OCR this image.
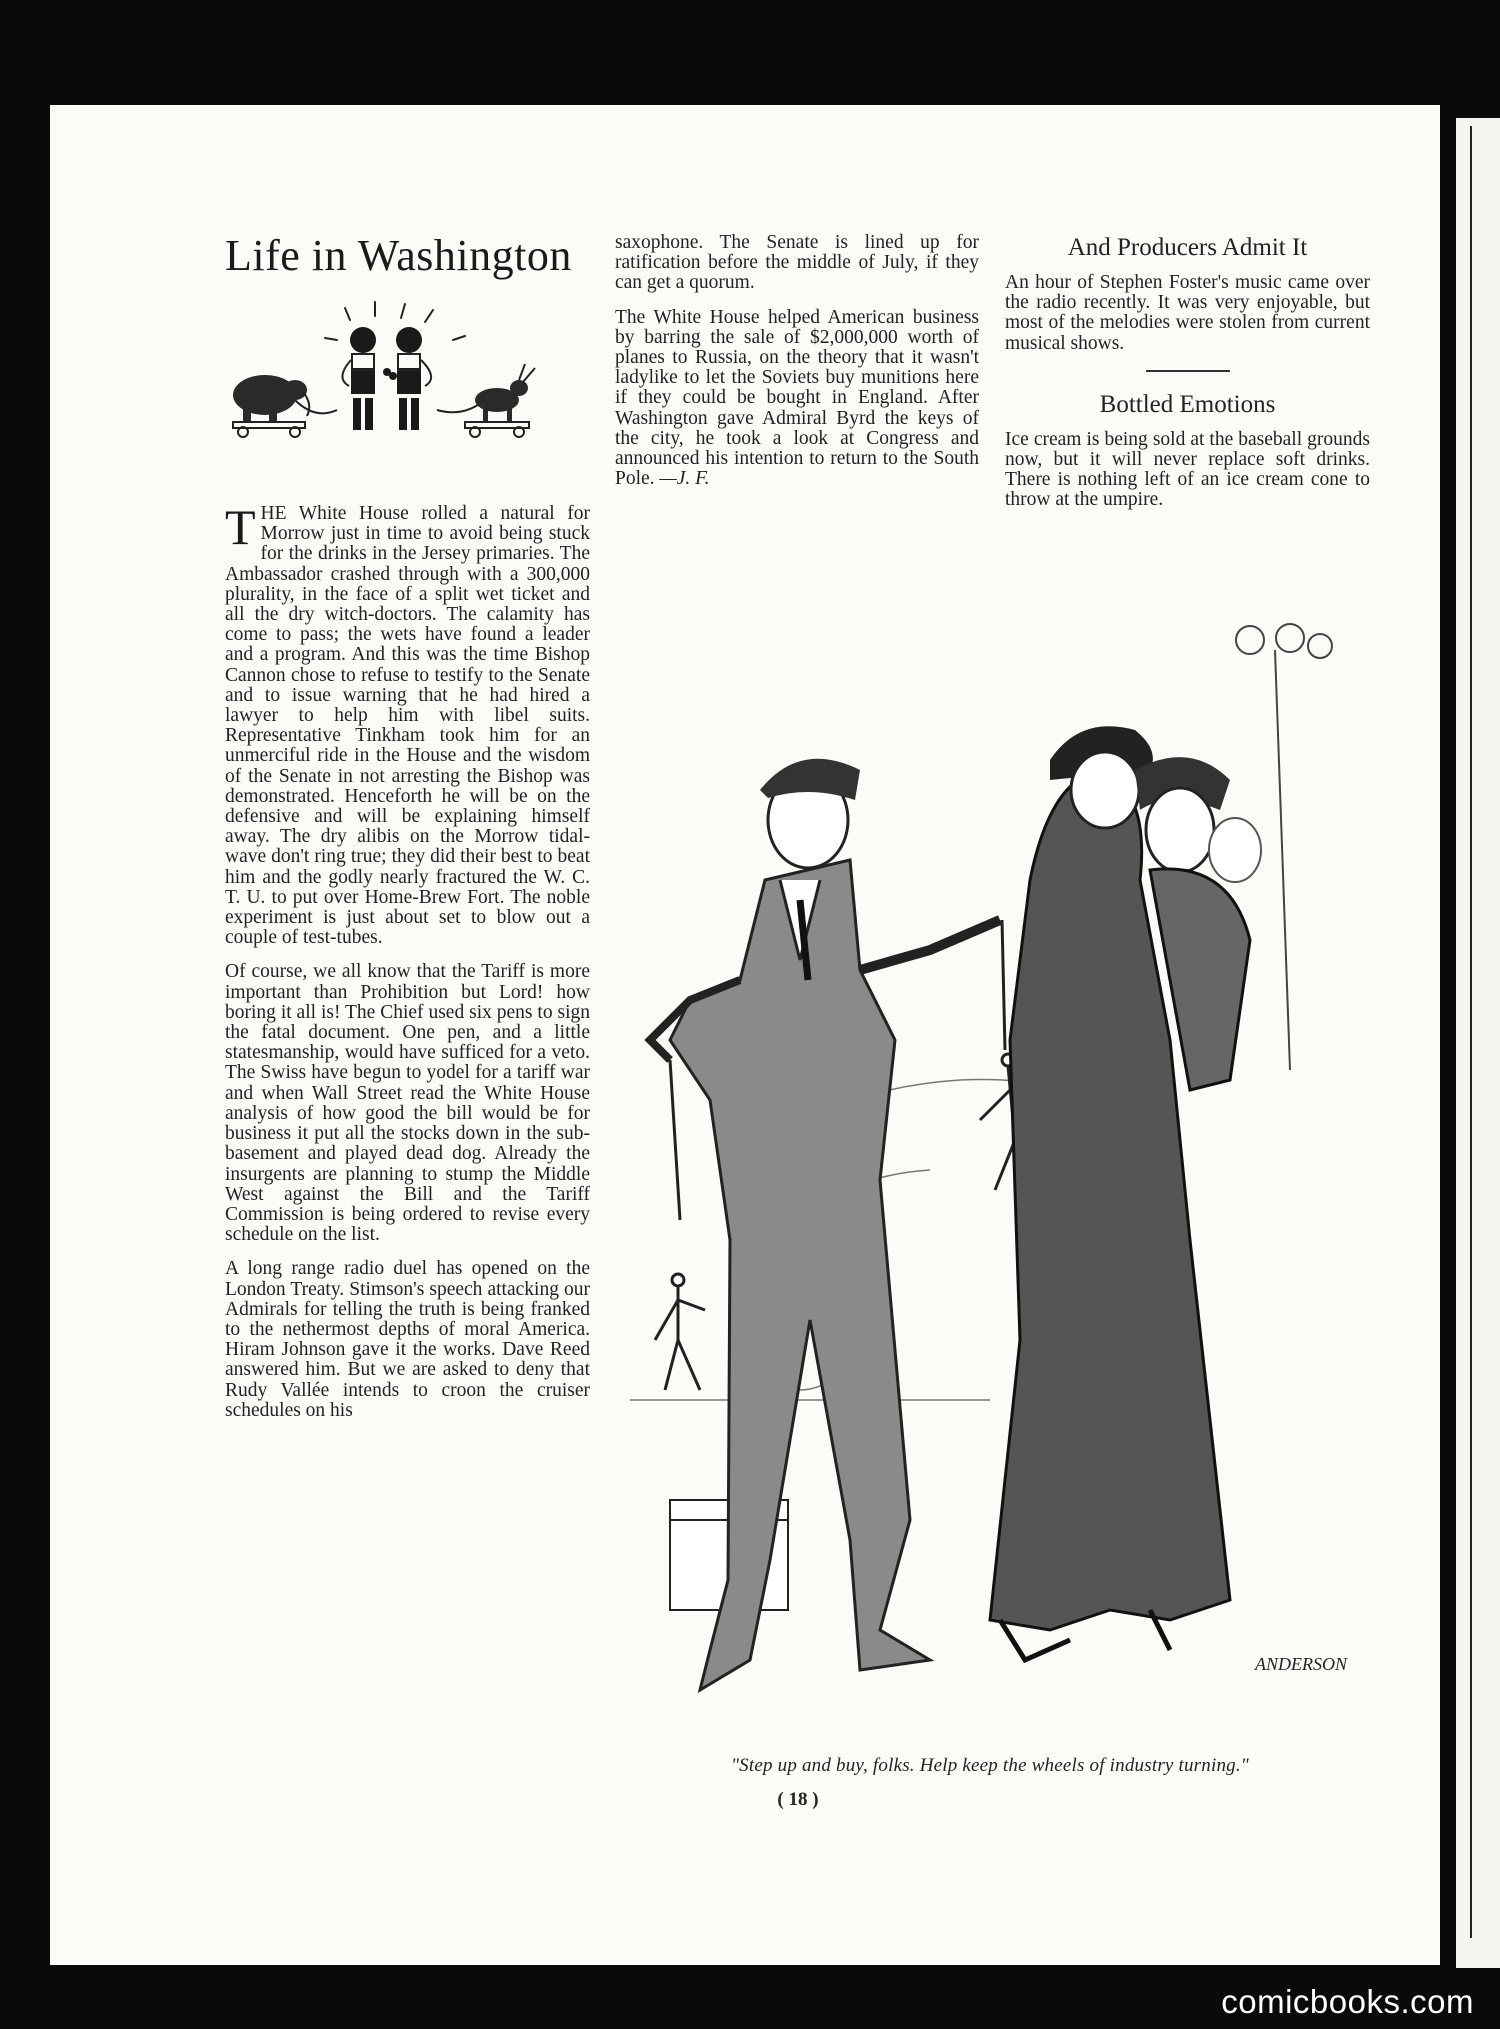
Life in Washington

THE White House rolled a natural for Morrow just in time to avoid being stuck for the drinks in the Jersey primaries. The Ambassador crashed through with a 300,000 plurality, in the face of a split wet ticket and all the dry witch-doctors. The calamity has come to pass; the wets have found a leader and a program. And this was the time Bishop Cannon chose to refuse to testify to the Senate and to issue warning that he had hired a lawyer to help him with libel suits. Representative Tinkham took him for an unmerciful ride in the House and the wisdom of the Senate in not arresting the Bishop was demonstrated. Henceforth he will be on the defensive and will be explaining himself away. The dry alibis on the Morrow tidal-wave don't ring true; they did their best to beat him and the godly nearly fractured the W. C. T. U. to put over Home-Brew Fort. The noble experiment is just about set to blow out a couple of test-tubes.

Of course, we all know that the Tariff is more important than Prohibition but Lord! how boring it all is! The Chief used six pens to sign the fatal document. One pen, and a little statesmanship, would have sufficed for a veto. The Swiss have begun to yodel for a tariff war and when Wall Street read the White House analysis of how good the bill would be for business it put all the stocks down in the sub-basement and played dead dog. Already the insurgents are planning to stump the Middle West against the Bill and the Tariff Commission is being ordered to revise every schedule on the list.

A long range radio duel has opened on the London Treaty. Stimson's speech attacking our Admirals for telling the truth is being franked to the nethermost depths of moral America. Hiram Johnson gave it the works. Dave Reed answered him. But we are asked to deny that Rudy Vallée intends to croon the cruiser schedules on his

saxophone. The Senate is lined up for ratification before the middle of July, if they can get a quorum.

The White House helped American business by barring the sale of $2,000,000 worth of planes to Russia, on the theory that it wasn't ladylike to let the Soviets buy munitions here if they could be bought in England. After Washington gave Admiral Byrd the keys of the city, he took a look at Congress and announced his intention to return to the South Pole. —J. F.

And Producers Admit It

An hour of Stephen Foster's music came over the radio recently. It was very enjoyable, but most of the melodies were stolen from current musical shows.

Bottled Emotions

Ice cream is being sold at the baseball grounds now, but it will never replace soft drinks. There is nothing left of an ice cream cone to throw at the umpire.

ANDERSON
"Step up and buy, folks. Help keep the wheels of industry turning."
( 18 )
comicbooks.com
